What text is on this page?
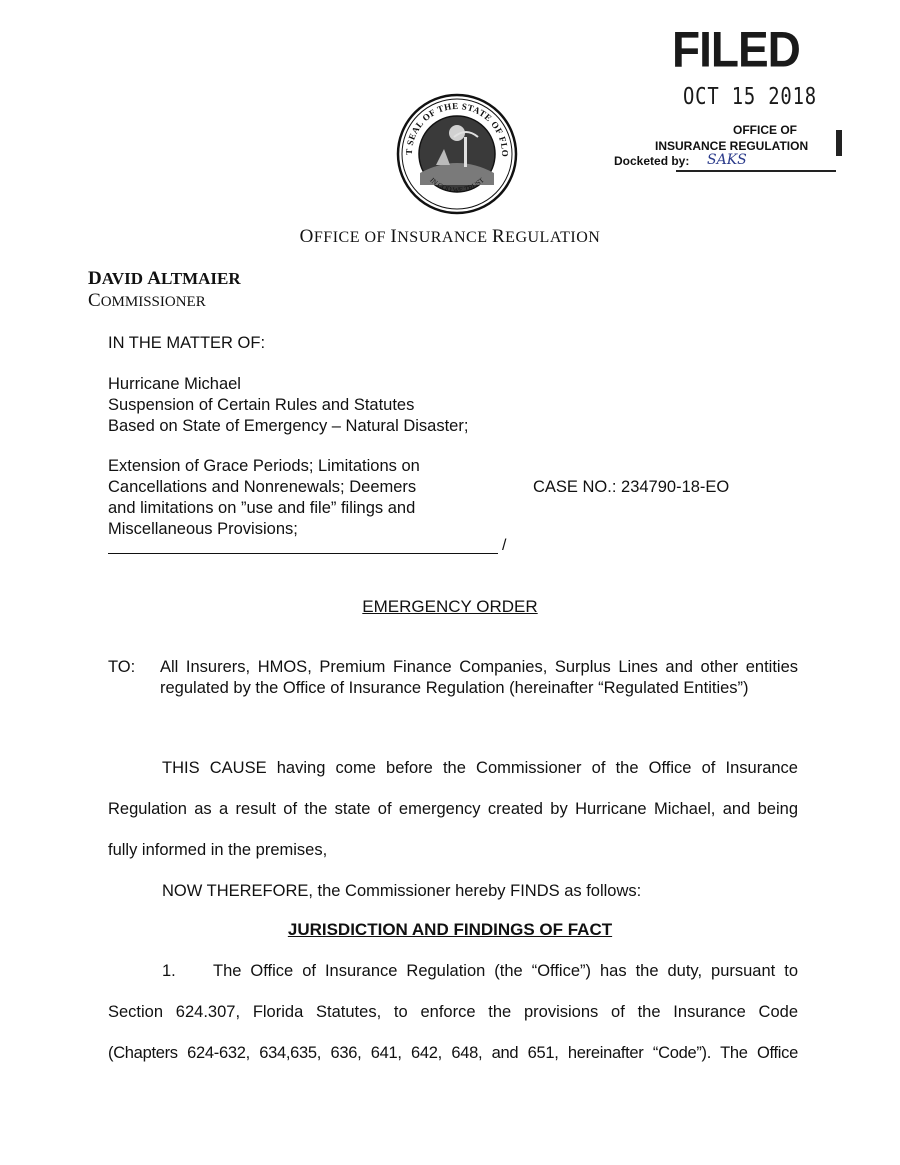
FILED
OCT 15 2018
OFFICE OF
INSURANCE REGULATION
Docketed by: SAKS
T SEAL OF THE STATE OF FLO
IN GOD WE TRUST
OFFICE OF INSURANCE REGULATION
DAVID ALTMAIER
COMMISSIONER
IN THE MATTER OF:
Hurricane Michael
Suspension of Certain Rules and Statutes
Based on State of Emergency – Natural Disaster;
Extension of Grace Periods; Limitations on
Cancellations and Nonrenewals; Deemers
and limitations on ”use and file” filings and
Miscellaneous Provisions;
CASE NO.: 234790-18-EO
/
EMERGENCY ORDER
TO: All Insurers, HMOS, Premium Finance Companies, Surplus Lines and other entities regulated by the Office of Insurance Regulation (hereinafter “Regulated Entities”)
THIS CAUSE having come before the Commissioner of the Office of Insurance
Regulation as a result of the state of emergency created by Hurricane Michael, and being
fully informed in the premises,
NOW THEREFORE, the Commissioner hereby FINDS as follows:
JURISDICTION AND FINDINGS OF FACT
1. The Office of Insurance Regulation (the “Office”) has the duty, pursuant to
Section 624.307, Florida Statutes, to enforce the provisions of the Insurance Code
(Chapters 624-632, 634,635, 636, 641, 642, 648, and 651, hereinafter “Code”). The Office
